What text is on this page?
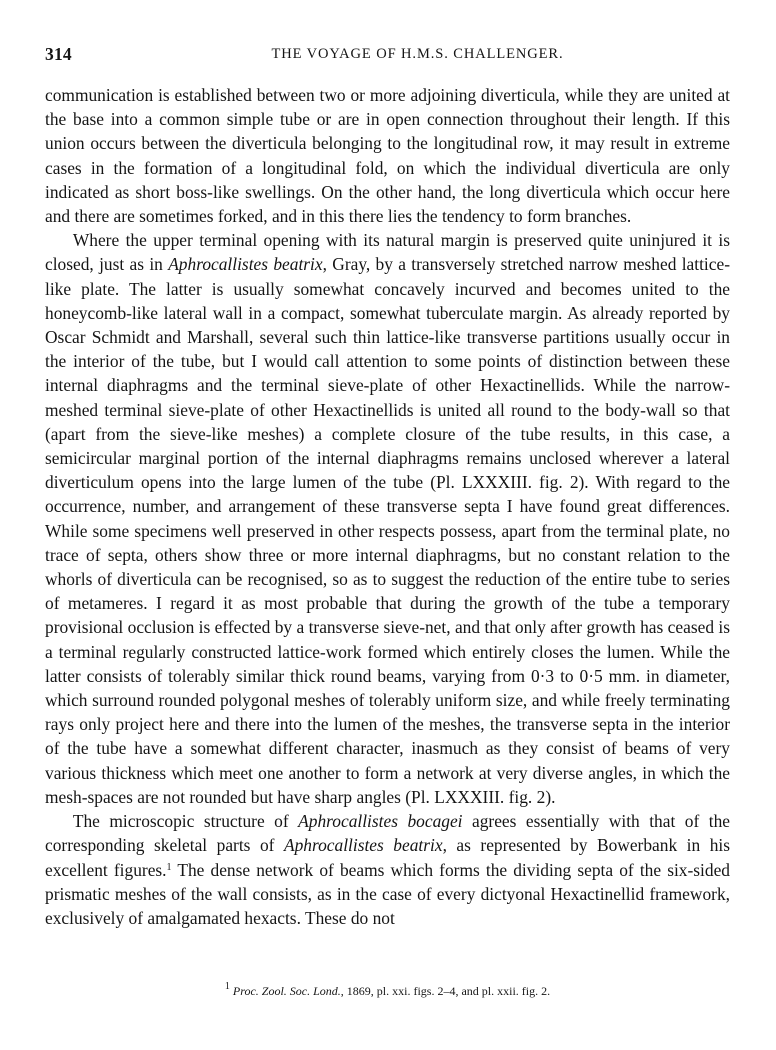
314	THE VOYAGE OF H.M.S. CHALLENGER.

communication is established between two or more adjoining diverticula, while they are united at the base into a common simple tube or are in open connection throughout their length. If this union occurs between the diverticula belonging to the longitudinal row, it may result in extreme cases in the formation of a longitudinal fold, on which the individual diverticula are only indicated as short boss-like swellings. On the other hand, the long diverticula which occur here and there are sometimes forked, and in this there lies the tendency to form branches.

Where the upper terminal opening with its natural margin is preserved quite uninjured it is closed, just as in Aphrocallistes beatrix, Gray, by a transversely stretched narrow meshed lattice-like plate. The latter is usually somewhat concavely incurved and becomes united to the honeycomb-like lateral wall in a compact, somewhat tuberculate margin. As already reported by Oscar Schmidt and Marshall, several such thin lattice-like transverse partitions usually occur in the interior of the tube, but I would call attention to some points of distinction between these internal diaphragms and the terminal sieve-plate of other Hexactinellids. While the narrow-meshed terminal sieve-plate of other Hexactinellids is united all round to the body-wall so that (apart from the sieve-like meshes) a complete closure of the tube results, in this case, a semicircular marginal portion of the internal diaphragms remains unclosed wherever a lateral diverticulum opens into the large lumen of the tube (Pl. LXXXIII. fig. 2). With regard to the occurrence, number, and arrangement of these transverse septa I have found great differences. While some specimens well preserved in other respects possess, apart from the terminal plate, no trace of septa, others show three or more internal diaphragms, but no constant relation to the whorls of diverticula can be recognised, so as to suggest the reduction of the entire tube to series of metameres. I regard it as most probable that during the growth of the tube a temporary provisional occlusion is effected by a transverse sieve-net, and that only after growth has ceased is a terminal regularly constructed lattice-work formed which entirely closes the lumen. While the latter consists of tolerably similar thick round beams, varying from 0·3 to 0·5 mm. in diameter, which surround rounded polygonal meshes of tolerably uniform size, and while freely terminating rays only project here and there into the lumen of the meshes, the transverse septa in the interior of the tube have a somewhat different character, inasmuch as they consist of beams of very various thickness which meet one another to form a network at very diverse angles, in which the mesh-spaces are not rounded but have sharp angles (Pl. LXXXIII. fig. 2).

The microscopic structure of Aphrocallistes bocagei agrees essentially with that of the corresponding skeletal parts of Aphrocallistes beatrix, as represented by Bowerbank in his excellent figures.$^1$ The dense network of beams which forms the dividing septa of the six-sided prismatic meshes of the wall consists, as in the case of every dictyonal Hexactinellid framework, exclusively of amalgamated hexacts. These do not

$^1$ Proc. Zool. Soc. Lond., 1869, pl. xxi. figs. 2–4, and pl. xxii. fig. 2.
